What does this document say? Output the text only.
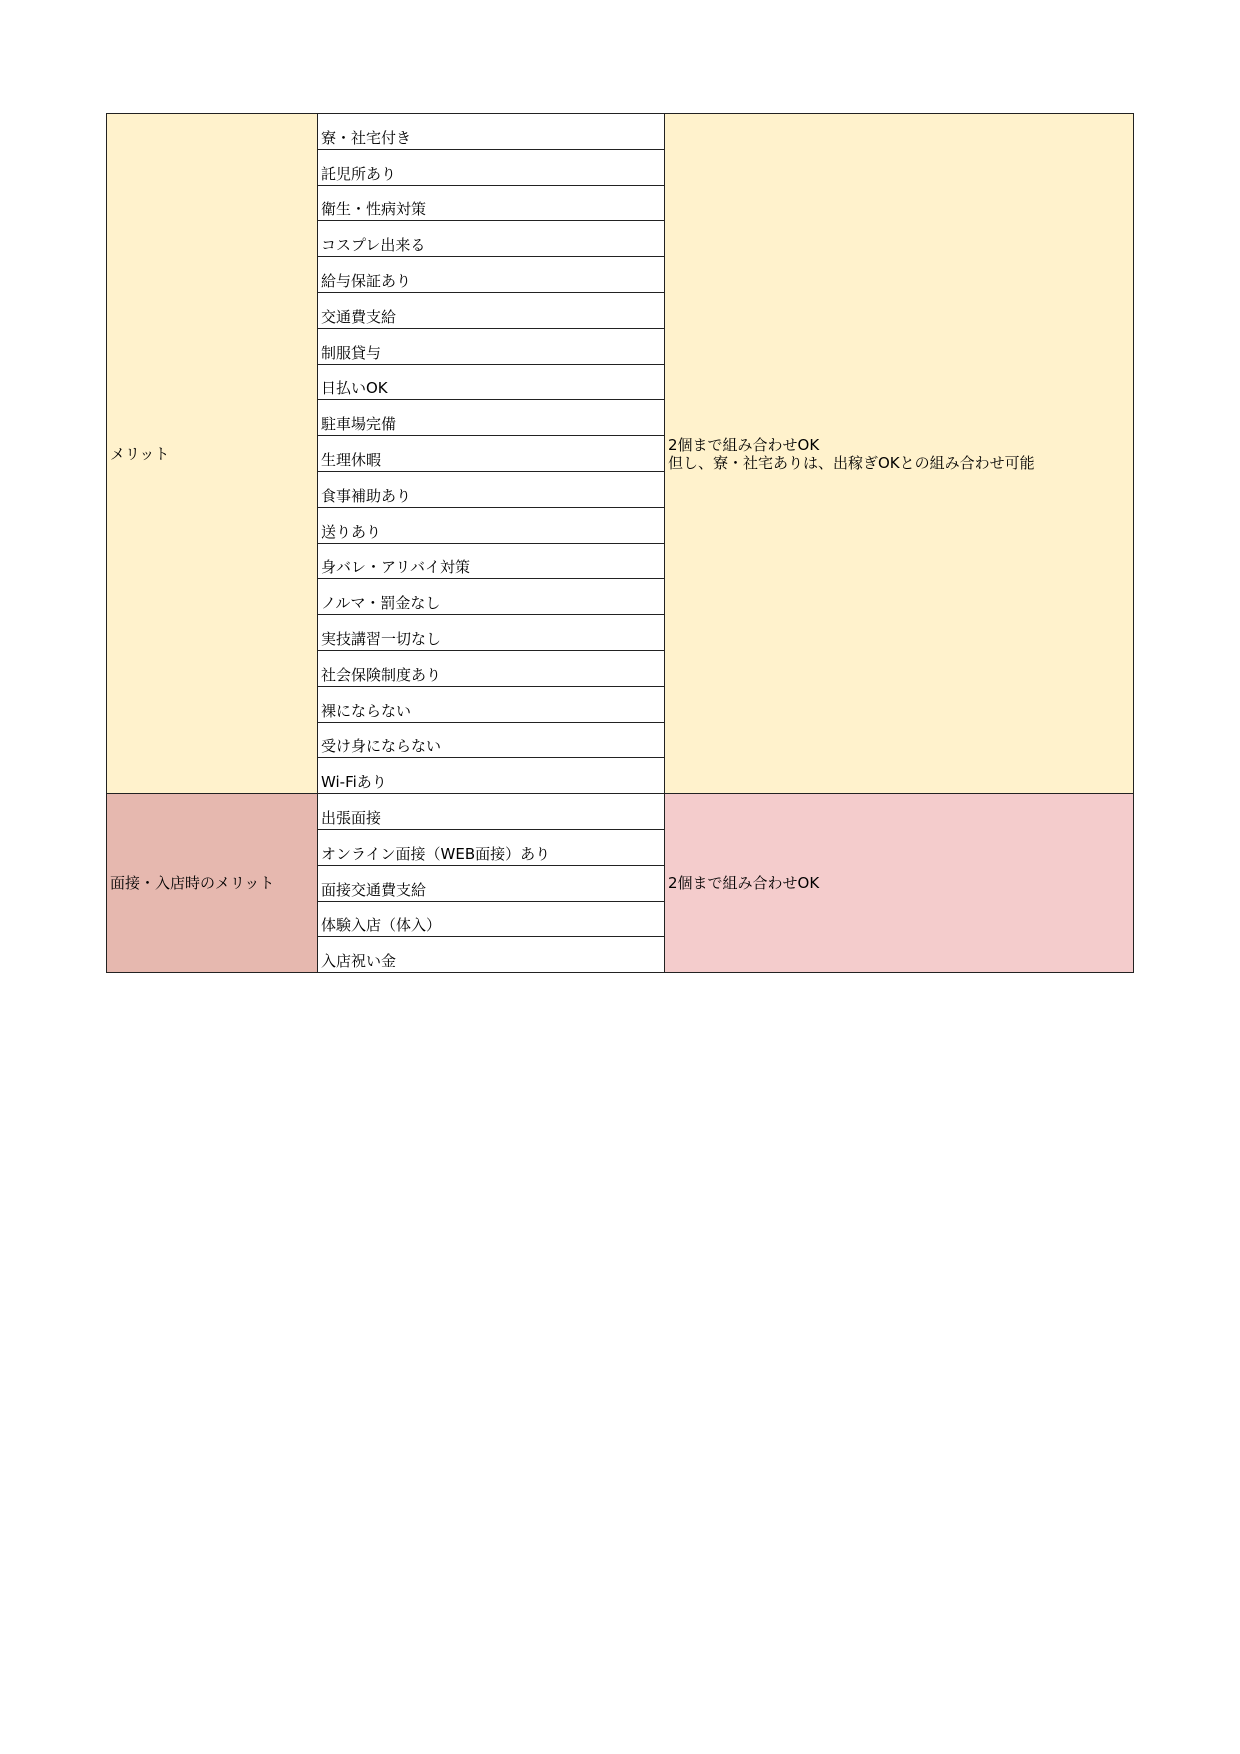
メリット	寮・社宅付き	2個まで組み合わせOK
但し、寮・社宅ありは、出稼ぎOKとの組み合わせ可能

	託児所あり	
	衛生・性病対策	
	コスプレ出来る	
	給与保証あり	
	交通費支給	
	制服貸与	
	日払いOK	
	駐車場完備	
	生理休暇	
	食事補助あり	
	送りあり	
	身バレ・アリバイ対策	
	ノルマ・罰金なし	
	実技講習一切なし	
	社会保険制度あり	
	裸にならない	
	受け身にならない	
	Wi-Fiあり	
面接・入店時のメリット	出張面接	2個まで組み合わせOK

	オンライン面接（WEB面接）あり	
	面接交通費支給	
	体験入店（体入）	
	入店祝い金	
